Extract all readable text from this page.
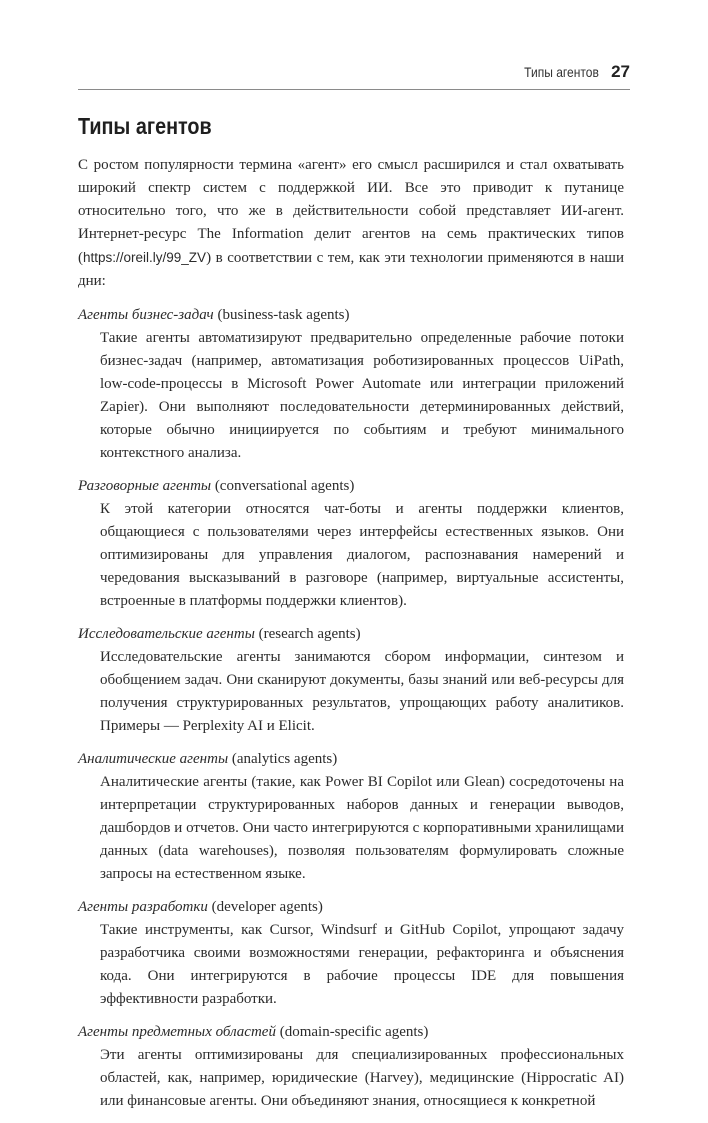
Типы агентов 27
Типы агентов

С ростом популярности термина «агент» его смысл расширился и стал охватывать широкий спектр систем с поддержкой ИИ. Все это приводит к путанице относительно того, что же в действительности собой представляет ИИ-агент. Интернет-ресурс The Information делит агентов на семь практических типов (https://oreil.ly/99_ZV) в соответствии с тем, как эти технологии применяются в наши дни:

Агенты бизнес-задач (business-task agents)

Такие агенты автоматизируют предварительно определенные рабочие потоки бизнес-задач (например, автоматизация роботизированных процессов UiPath, low-code-процессы в Microsoft Power Automate или интеграции приложений Zapier). Они выполняют последовательности детерминированных действий, которые обычно инициируется по событиям и требуют минимального контекстного анализа.

Разговорные агенты (conversational agents)

К этой категории относятся чат-боты и агенты поддержки клиентов, общающиеся с пользователями через интерфейсы естественных языков. Они оптимизированы для управления диалогом, распознавания намерений и чередования высказываний в разговоре (например, виртуальные ассистенты, встроенные в платформы поддержки клиентов).

Исследовательские агенты (research agents)

Исследовательские агенты занимаются сбором информации, синтезом и обобщением задач. Они сканируют документы, базы знаний или веб-ресурсы для получения структурированных результатов, упрощающих работу аналитиков. Примеры — Perplexity AI и Elicit.

Аналитические агенты (analytics agents)

Аналитические агенты (такие, как Power BI Copilot или Glean) сосредоточены на интерпретации структурированных наборов данных и генерации выводов, дашбордов и отчетов. Они часто интегрируются с корпоративными хранилищами данных (data warehouses), позволяя пользователям формулировать сложные запросы на естественном языке.

Агенты разработки (developer agents)

Такие инструменты, как Cursor, Windsurf и GitHub Copilot, упрощают задачу разработчика своими возможностями генерации, рефакторинга и объяснения кода. Они интегрируются в рабочие процессы IDE для повышения эффективности разработки.

Агенты предметных областей (domain-specific agents)

Эти агенты оптимизированы для специализированных профессиональных областей, как, например, юридические (Harvey), медицинские (Hippocratic AI) или финансовые агенты. Они объединяют знания, относящиеся к конкретной
